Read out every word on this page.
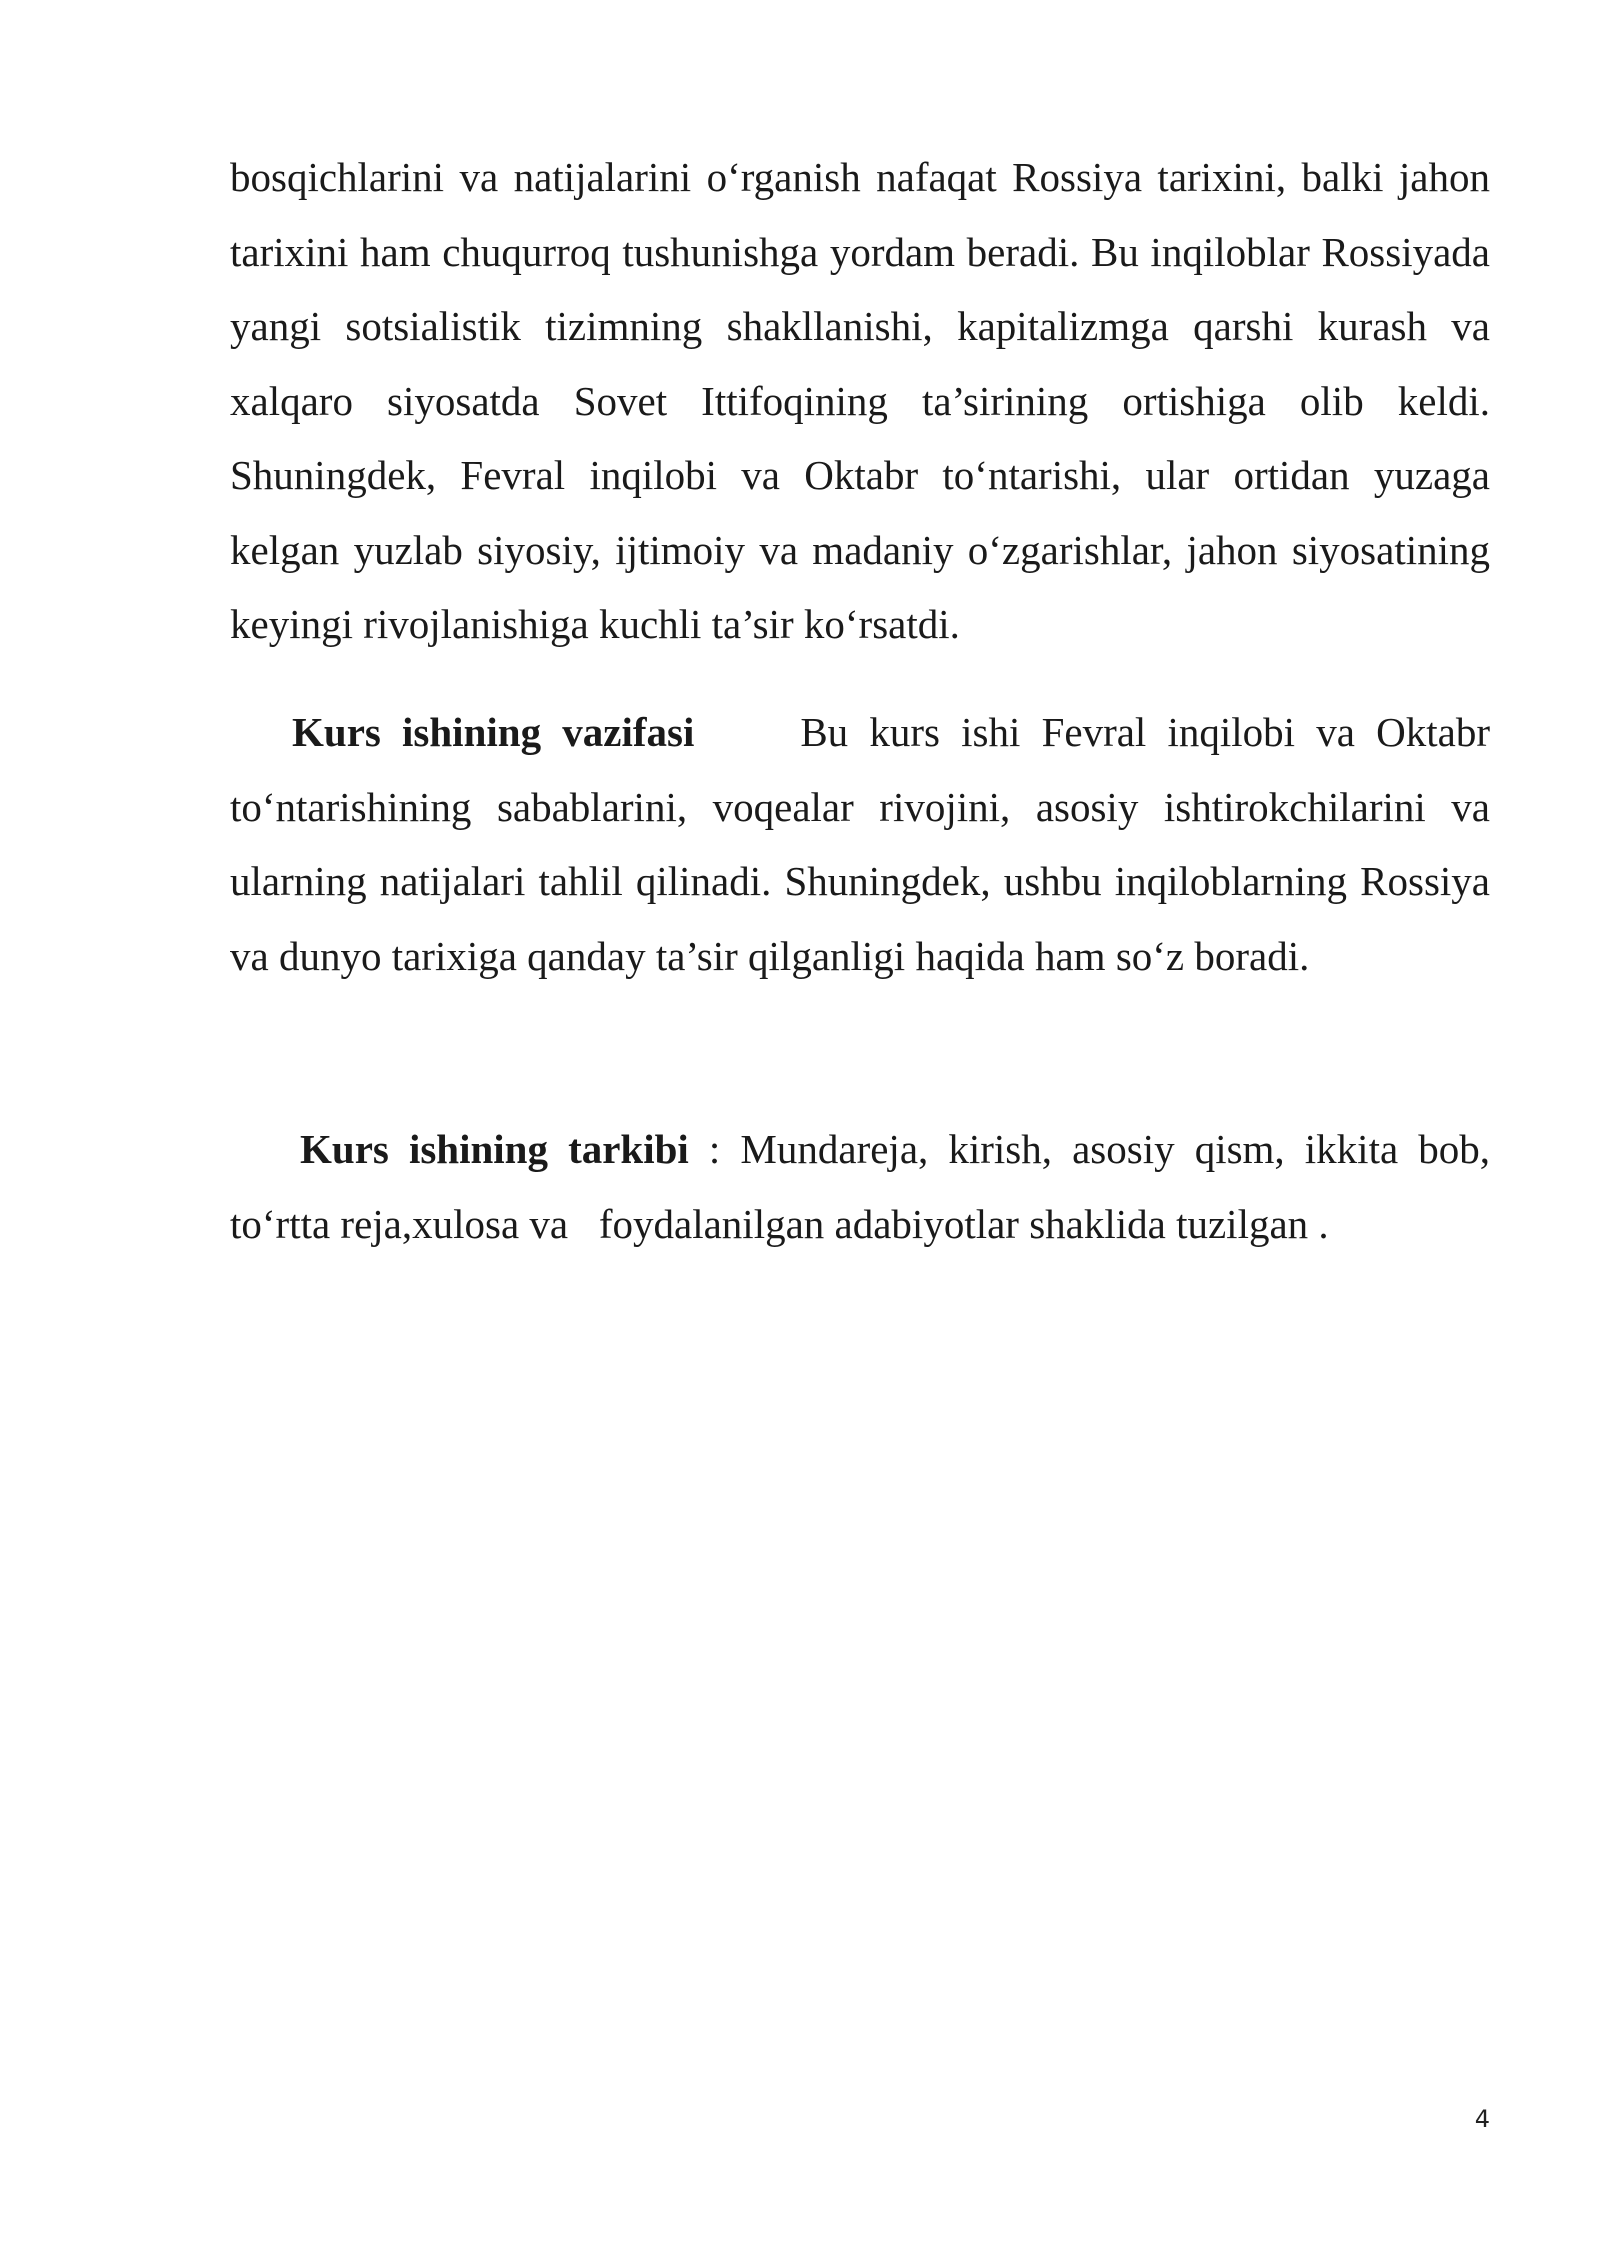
bosqichlarini va natijalarini o‘rganish nafaqat Rossiya tarixini, balki jahon tarixini ham chuqurroq tushunishga yordam beradi. Bu inqiloblar Rossiyada yangi sotsialistik tizimning shakllanishi, kapitalizmga qarshi kurash va xalqaro siyosatda Sovet Ittifoqining ta’sirining ortishiga olib keldi. Shuningdek, Fevral inqilobi va Oktabr to‘ntarishi, ular ortidan yuzaga kelgan yuzlab siyosiy, ijtimoiy va madaniy o‘zgarishlar, jahon siyosatining keyingi rivojlanishiga kuchli ta’sir ko‘rsatdi.

Kurs ishining vazifasi	Bu kurs ishi Fevral inqilobi va Oktabr to‘ntarishining sabablarini, voqealar rivojini, asosiy ishtirokchilarini va ularning natijalari tahlil qilinadi. Shuningdek, ushbu inqiloblarning Rossiya va dunyo tarixiga qanday ta’sir qilganligi haqida ham so‘z boradi.

Kurs ishining tarkibi : Mundareja, kirish, asosiy qism, ikkita bob, to‘rtta reja,xulosa va   foydalanilgan adabiyotlar shaklida tuzilgan .

4
